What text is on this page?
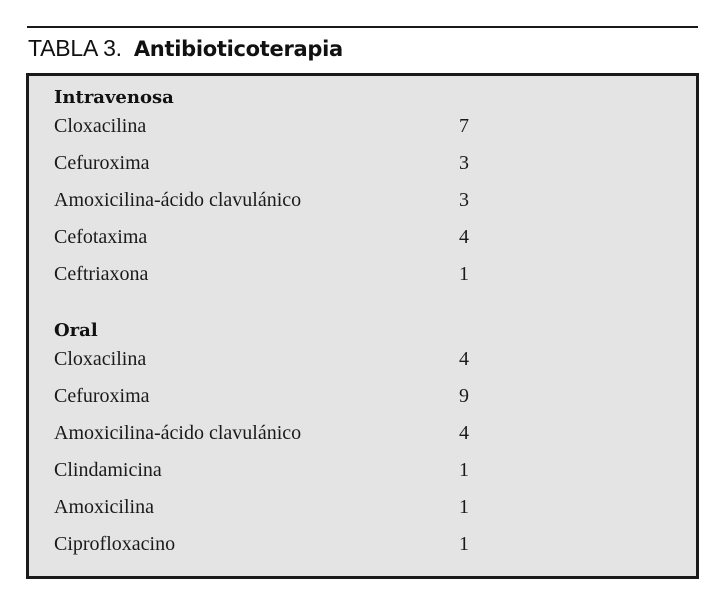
TABLA 3. Antibioticoterapia
Intravenosa
Cloxacilina	7
Cefuroxima	3
Amoxicilina-ácido clavulánico	3
Cefotaxima	4
Ceftriaxona	1
Oral
Cloxacilina	4
Cefuroxima	9
Amoxicilina-ácido clavulánico	4
Clindamicina	1
Amoxicilina	1
Ciprofloxacino	1
